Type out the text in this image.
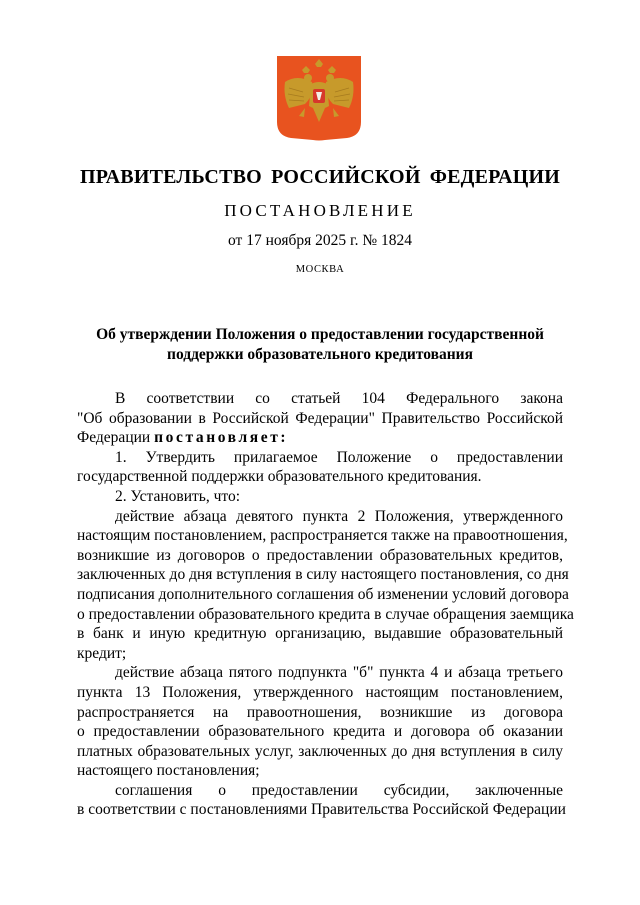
ПРАВИТЕЛЬСТВО РОССИЙСКОЙ ФЕДЕРАЦИИ
ПОСТАНОВЛЕНИЕ
от 17 ноября 2025 г. № 1824
МОСКВА
Об утверждении Положения о предоставлении государственной
поддержки образовательного кредитования
В соответствии со статьей 104 Федерального закона
"Об образовании в Российской Федерации" Правительство Российской
Федерации постановляет:
1. Утвердить прилагаемое Положение о предоставлении
государственной поддержки образовательного кредитования.
2. Установить, что:
действие абзаца девятого пункта 2 Положения, утвержденного
настоящим постановлением, распространяется также на правоотношения,
возникшие из договоров о предоставлении образовательных кредитов,
заключенных до дня вступления в силу настоящего постановления, со дня
подписания дополнительного соглашения об изменении условий договора
о предоставлении образовательного кредита в случае обращения заемщика
в банк и иную кредитную организацию, выдавшие образовательный
кредит;
действие абзаца пятого подпункта "б" пункта 4 и абзаца третьего
пункта 13 Положения, утвержденного настоящим постановлением,
распространяется на правоотношения, возникшие из договора
о предоставлении образовательного кредита и договора об оказании
платных образовательных услуг, заключенных до дня вступления в силу
настоящего постановления;
соглашения о предоставлении субсидии, заключенные
в соответствии с постановлениями Правительства Российской Федерации
